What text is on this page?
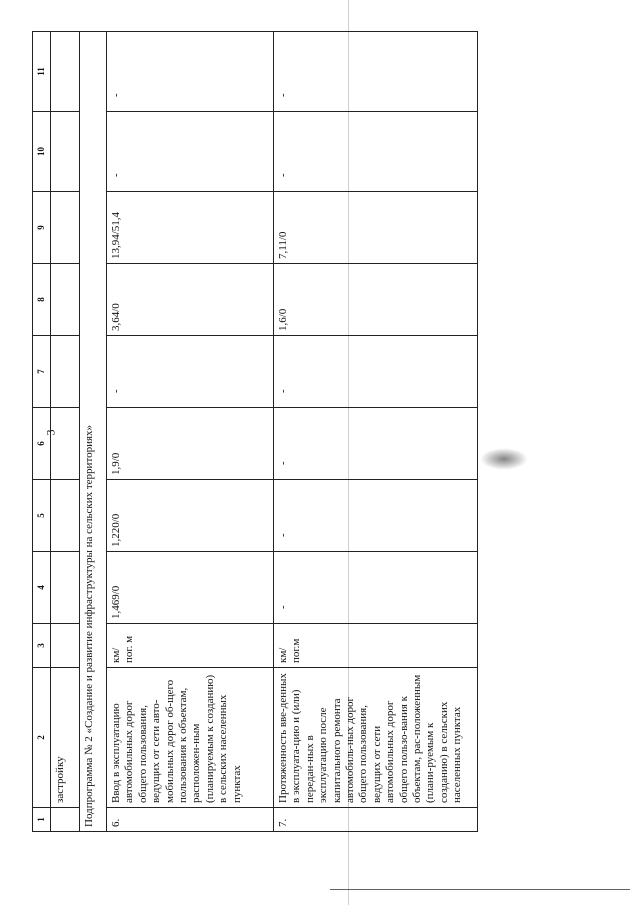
3
1	2	3	4	5	6	7	8	9	10	11
	застройку									
Подпрограмма № 2 «Создание и развитие инфраструктуры на сельских территориях»										
6.	Ввод в эксплуатацию автомобильных дорог общего пользования, ведущих от сети авто-мобильных дорог об-щего пользования к объектам, расположен-ным (планируемым к созданию) в сельских населенных пунктах	км/ пог. м	1,469/0	1,220/0	1,9/0	-	3,64/0	13,94/51,4	-	-
7.	Протяженность вве-денных в эксплуата-цию и (или) передан-ных в эксплуатацию после капитального ремонта автомобиль-ных дорог общего пользования, ведущих от сети автомобильных дорог общего пользо-вания к объектам, рас-положенным (плани-руемым к созданию) в сельских населенных пунктах	км/ пог.м	-	-	-	-	1,6/0	7,11/0	-	-
